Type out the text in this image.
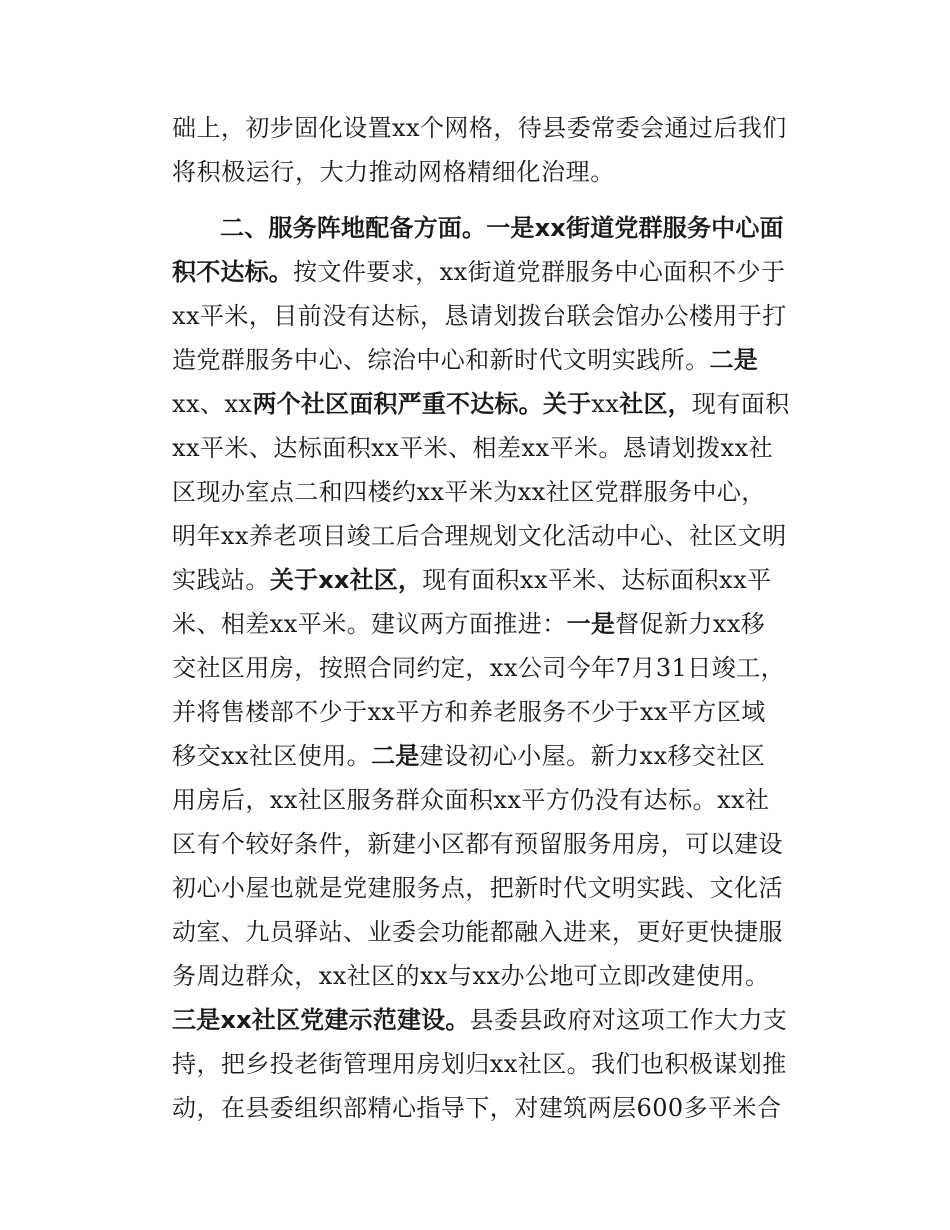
础上，初步固化设置xx个网格，待县委常委会通过后我们
将积极运行，大力推动网格精细化治理。
二、服务阵地配备方面。一是xx街道党群服务中心面
积不达标。按文件要求，xx街道党群服务中心面积不少于
xx平米，目前没有达标，恳请划拨台联会馆办公楼用于打
造党群服务中心、综治中心和新时代文明实践所。二是
xx、xx两个社区面积严重不达标。关于xx社区，现有面积
xx平米、达标面积xx平米、相差xx平米。恳请划拨xx社
区现办室点二和四楼约xx平米为xx社区党群服务中心，
明年xx养老项目竣工后合理规划文化活动中心、社区文明
实践站。关于xx社区，现有面积xx平米、达标面积xx平
米、相差xx平米。建议两方面推进：一是督促新力xx移
交社区用房，按照合同约定，xx公司今年7月31日竣工，
并将售楼部不少于xx平方和养老服务不少于xx平方区域
移交xx社区使用。二是建设初心小屋。新力xx移交社区
用房后，xx社区服务群众面积xx平方仍没有达标。xx社
区有个较好条件，新建小区都有预留服务用房，可以建设
初心小屋也就是党建服务点，把新时代文明实践、文化活
动室、九员驿站、业委会功能都融入进来，更好更快捷服
务周边群众，xx社区的xx与xx办公地可立即改建使用。
三是xx社区党建示范建设。县委县政府对这项工作大力支
持，把乡投老街管理用房划归xx社区。我们也积极谋划推
动，在县委组织部精心指导下，对建筑两层600多平米合
